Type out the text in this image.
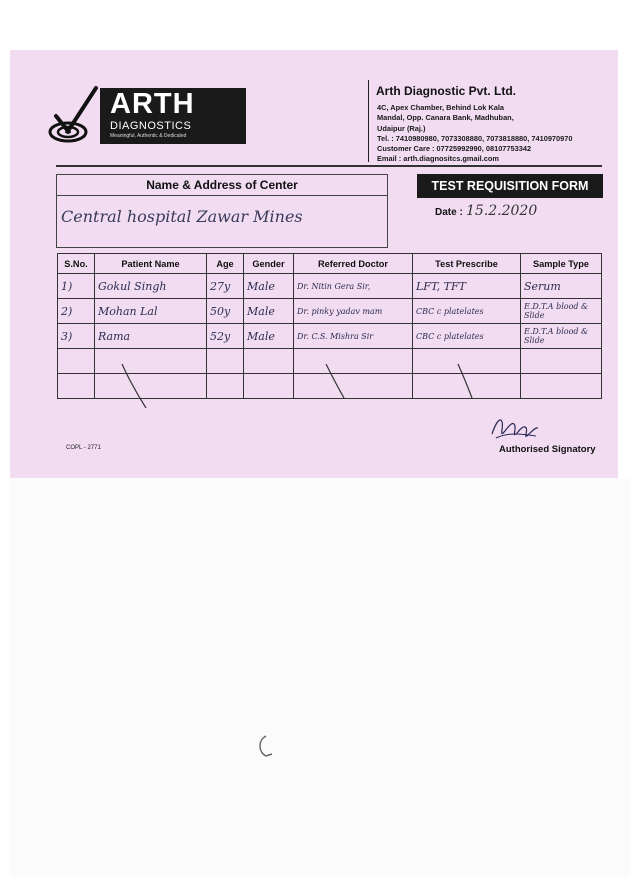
ARTH
DIAGNOSTICS
Meaningful, Authentic & Dedicated
Arth Diagnostic Pvt. Ltd.
4C, Apex Chamber, Behind Lok Kala
Mandal, Opp. Canara Bank, Madhuban,
Udaipur (Raj.)
Tel. : 7410980980, 7073308880, 7073818880, 7410970970
Customer Care : 07725992990, 08107753342
Email : arth.diagnositcs.gmail.com
Name & Address of Center
Central hospital Zawar Mines
TEST REQUISITION FORM
Date : 15.2.2020
S.No.	Patient Name	Age	Gender	Referred Doctor	Test Prescribe	Sample Type
1)	Gokul Singh	27y	Male	Dr. Nitin Gera Sir,	LFT, TFT	Serum
2)	Mohan Lal	50y	Male	Dr. pinky yadav mam	CBC c platelates	E.D.T.A blood & Slide
3)	Rama	52y	Male	Dr. C.S. Mishra Sir	CBC c platelates	E.D.T.A blood & Slide

COPL - 2771	Authorised Signatory
